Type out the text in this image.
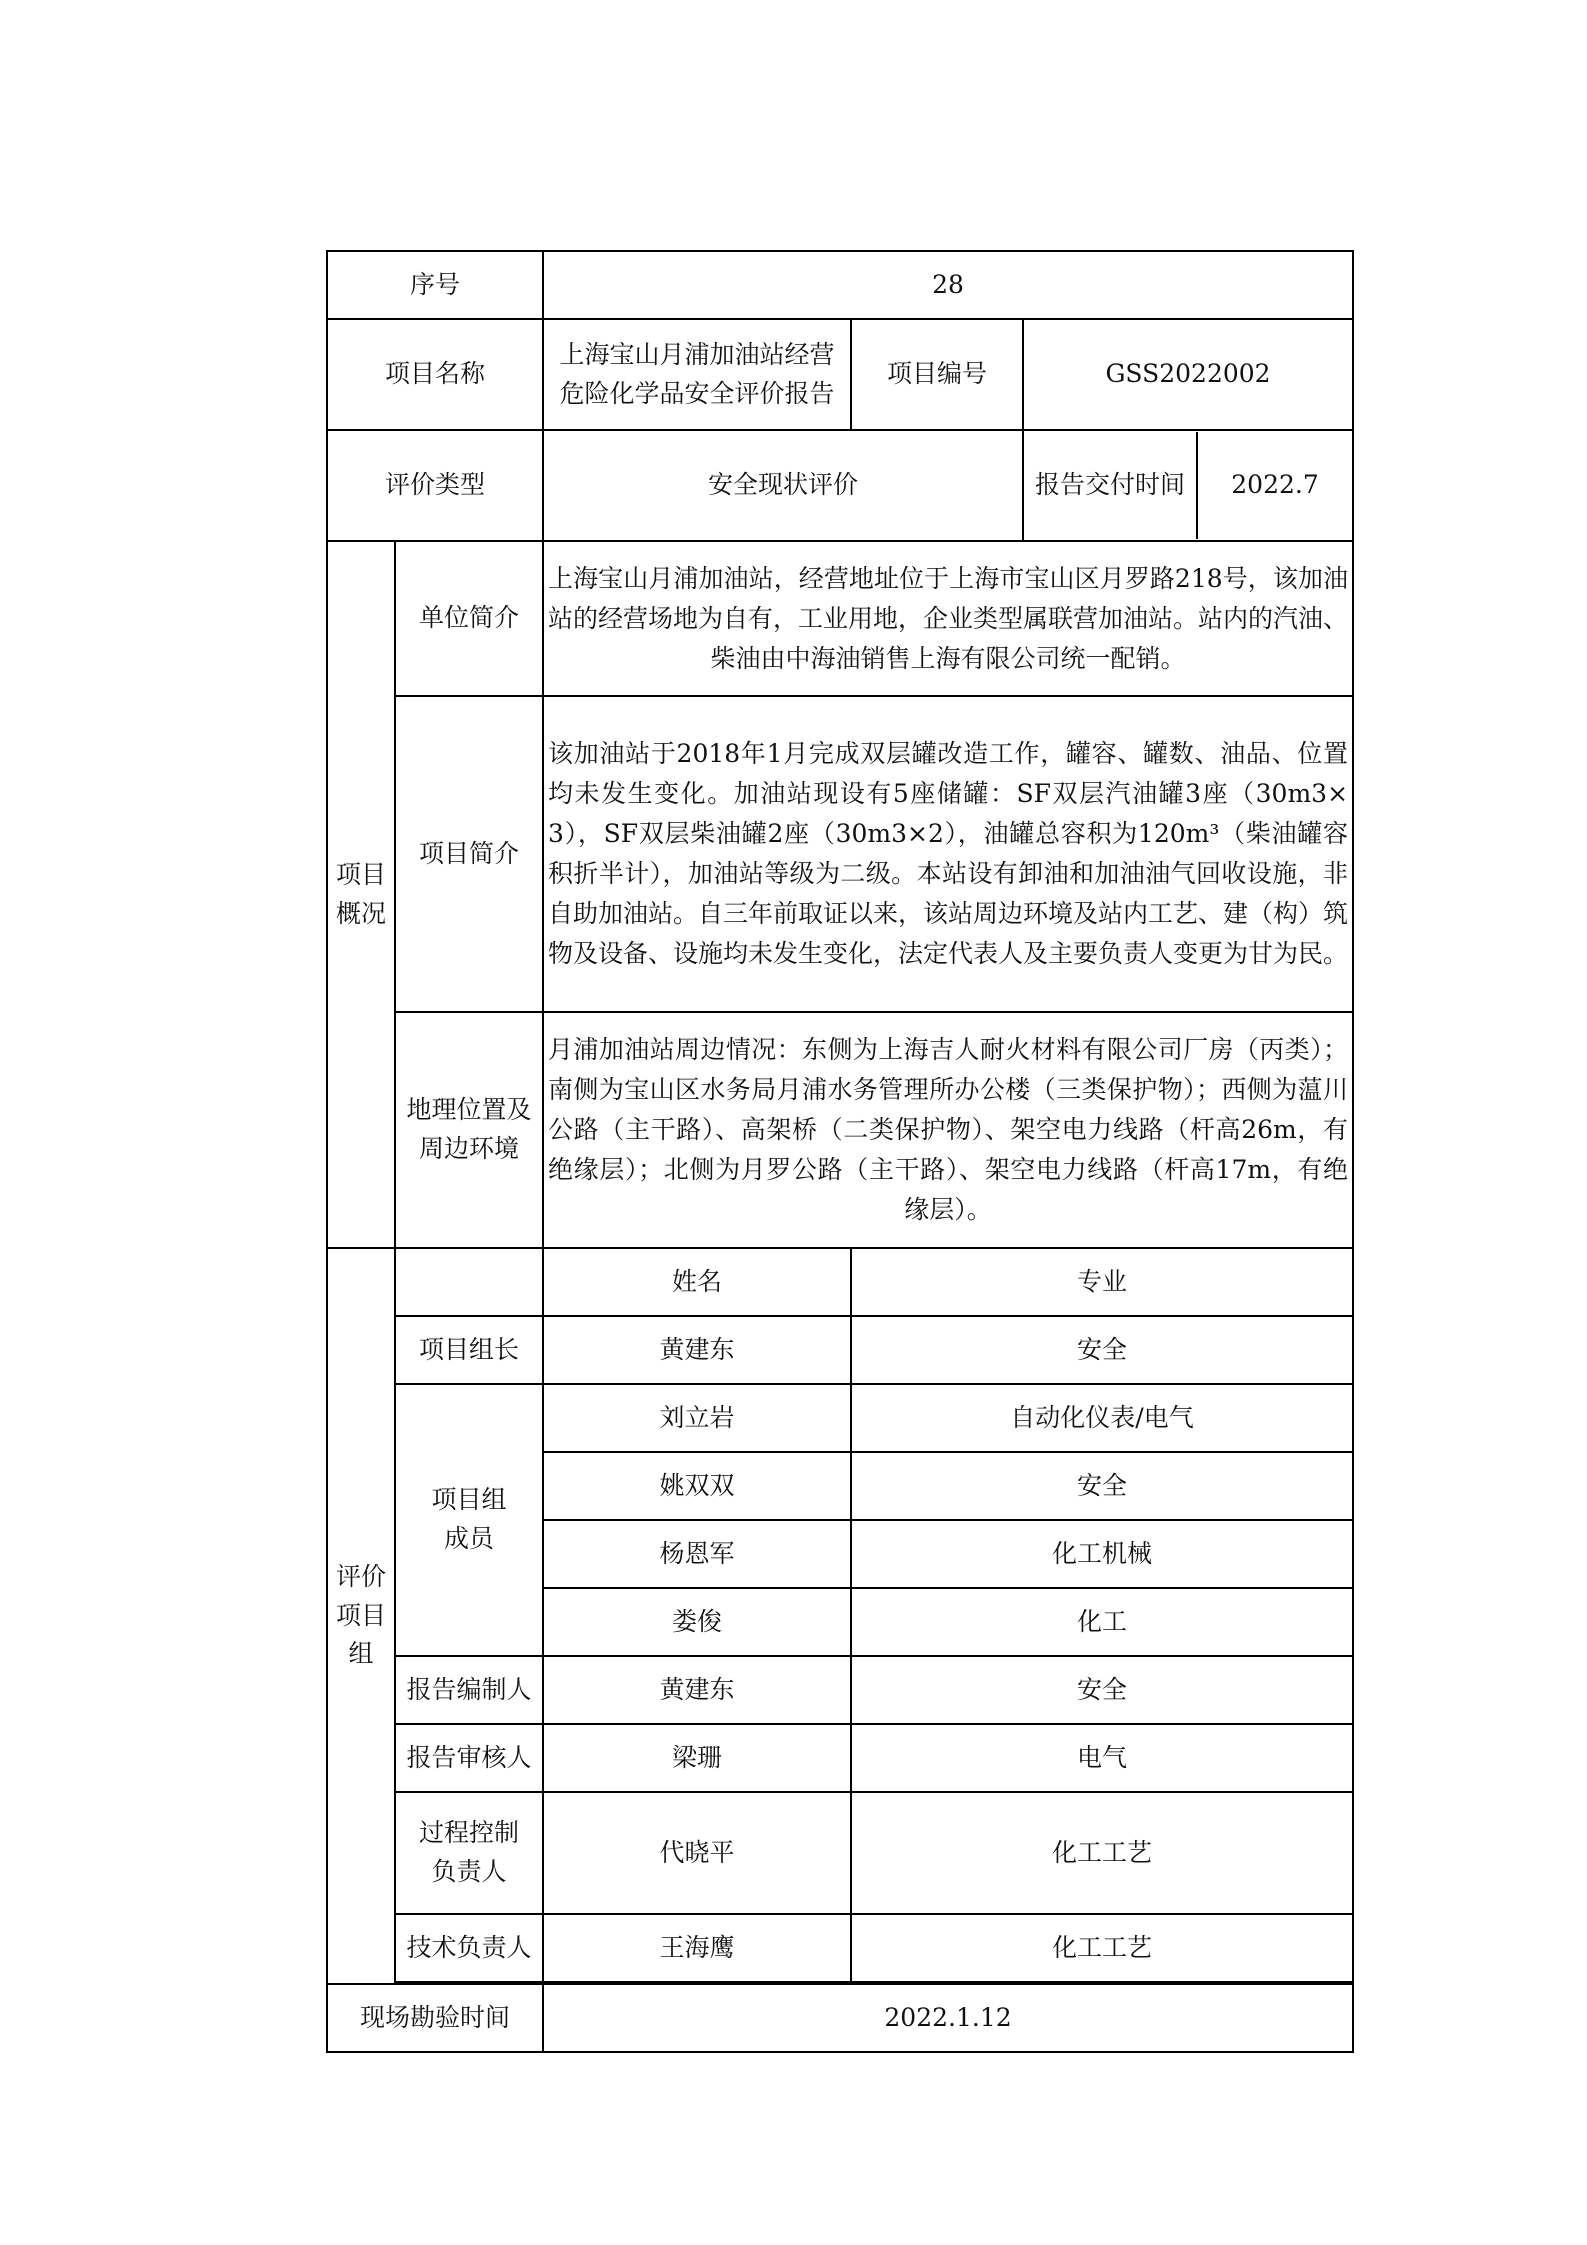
序号		28		
项目名称		上海宝山月浦加油站经营危险化学品安全评价报告	项目编号	GSS2022002
评价类型		安全现状评价		报告交付时间 2022.7

项目概况	单位简介	上海宝山月浦加油站，经营地址位于上海市宝山区月罗路218号，该加油站的经营场地为自有，工业用地，企业类型属联营加油站。站内的汽油、柴油由中海油销售上海有限公司统一配销。		
	项目简介	该加油站于2018年1月完成双层罐改造工作，罐容、罐数、油品、位置均未发生变化。加油站现设有5座储罐：SF双层汽油罐3座（30m3×3），SF双层柴油罐2座（30m3×2），油罐总容积为120m³（柴油罐容积折半计），加油站等级为二级。本站设有卸油和加油油气回收设施，非自助加油站。自三年前取证以来，该站周边环境及站内工艺、建（构）筑物及设备、设施均未发生变化，法定代表人及主要负责人变更为甘为民。		
	地理位置及周边环境	月浦加油站周边情况：东侧为上海吉人耐火材料有限公司厂房（丙类）；南侧为宝山区水务局月浦水务管理所办公楼（三类保护物）；西侧为蕰川公路（主干路）、高架桥（二类保护物）、架空电力线路（杆高26m，有绝缘层）；北侧为月罗公路（主干路）、架空电力线路（杆高17m，有绝缘层）。		
评价项目组		姓名	专业	
	项目组长	黄建东	安全	
	项目组成员	刘立岩	自动化仪表/电气	
		姚双双	安全	
		杨恩军	化工机械	
		娄俊	化工	
	报告编制人	黄建东	安全	
	报告审核人	梁珊	电气	
	过程控制负责人	代晓平	化工工艺	
	技术负责人	王海鹰	化工工艺	

现场勘验时间		2022.1.12		
